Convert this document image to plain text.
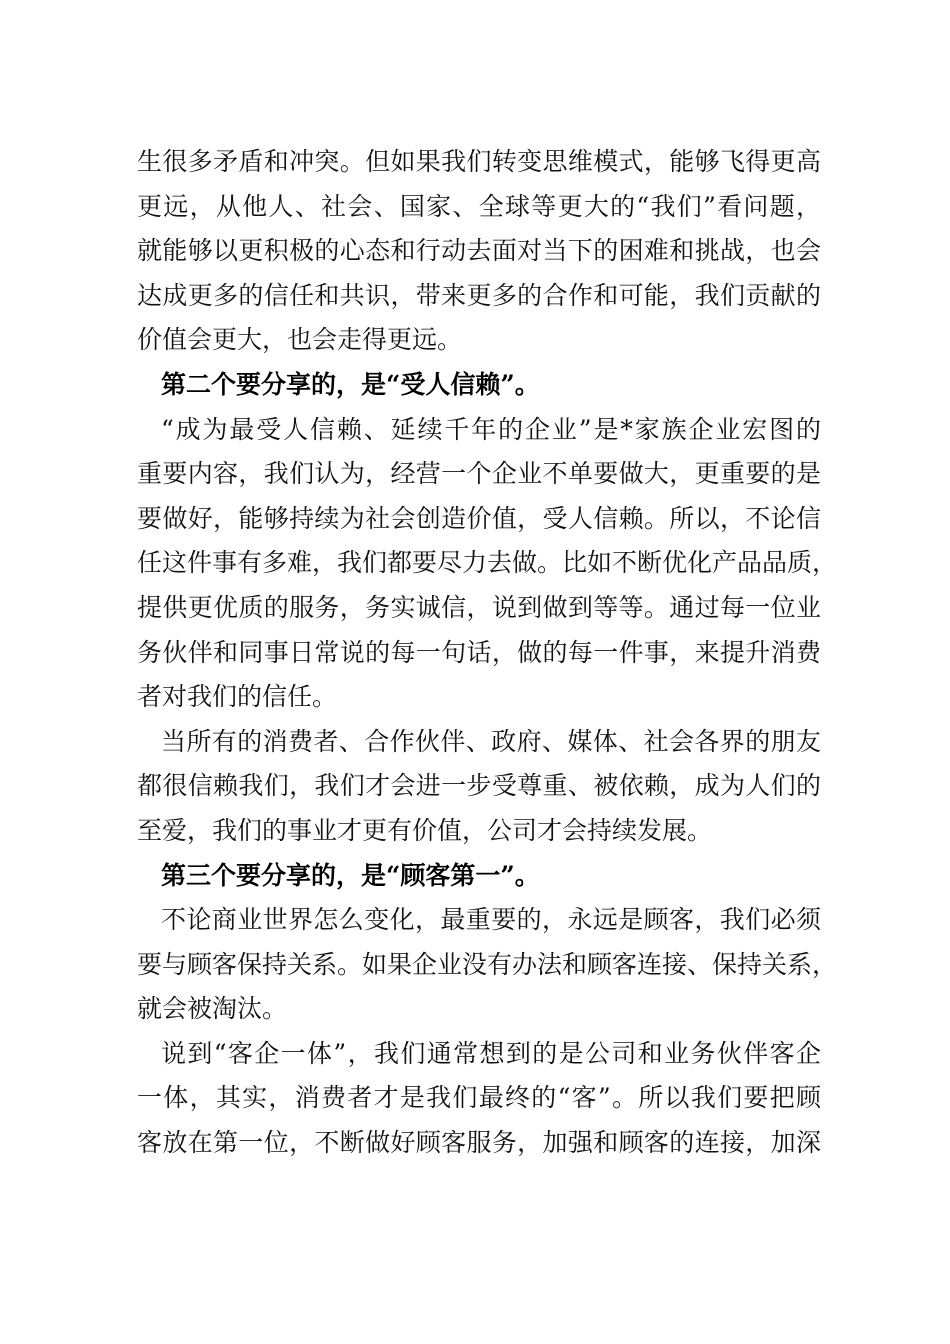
生很多矛盾和冲突。但如果我们转变思维模式，能够飞得更高
更远，从他人、社会、国家、全球等更大的“我们”看问题，
就能够以更积极的心态和行动去面对当下的困难和挑战，也会
达成更多的信任和共识，带来更多的合作和可能，我们贡献的
价值会更大，也会走得更远。
第二个要分享的，是“受人信赖”。
“成为最受人信赖、延续千年的企业”是*家族企业宏图的
重要内容，我们认为，经营一个企业不单要做大，更重要的是
要做好，能够持续为社会创造价值，受人信赖。所以，不论信
任这件事有多难，我们都要尽力去做。比如不断优化产品品质，
提供更优质的服务，务实诚信，说到做到等等。通过每一位业
务伙伴和同事日常说的每一句话，做的每一件事，来提升消费
者对我们的信任。
当所有的消费者、合作伙伴、政府、媒体、社会各界的朋友
都很信赖我们，我们才会进一步受尊重、被依赖，成为人们的
至爱，我们的事业才更有价值，公司才会持续发展。
第三个要分享的，是“顾客第一”。
不论商业世界怎么变化，最重要的，永远是顾客，我们必须
要与顾客保持关系。如果企业没有办法和顾客连接、保持关系，
就会被淘汰。
说到“客企一体”，我们通常想到的是公司和业务伙伴客企
一体，其实，消费者才是我们最终的“客”。所以我们要把顾
客放在第一位，不断做好顾客服务，加强和顾客的连接，加深
